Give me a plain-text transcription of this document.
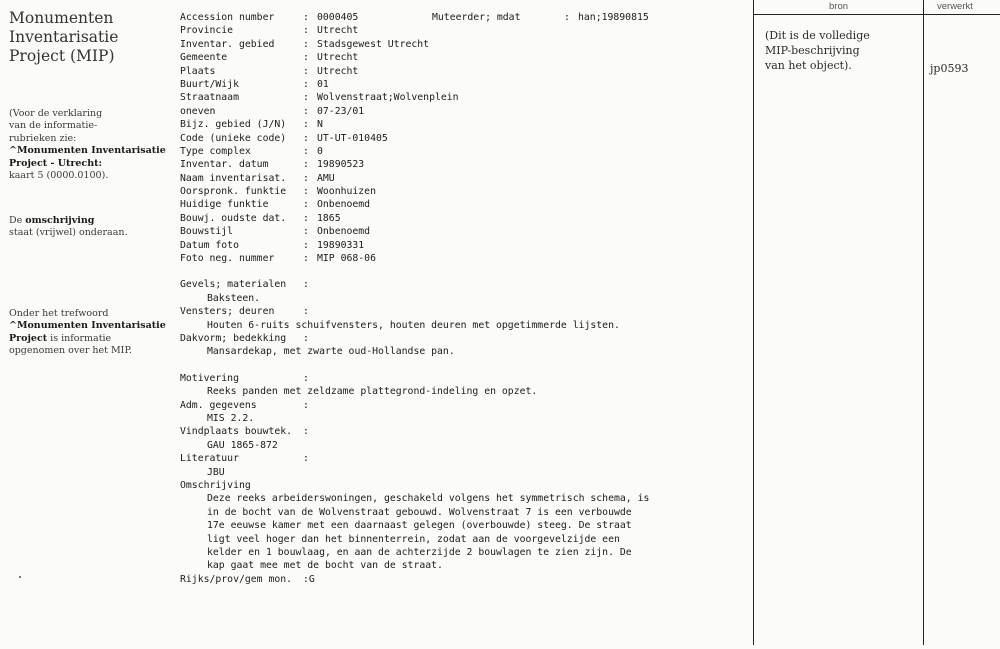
Monumenten
Inventarisatie
Project (MIP)
(Voor de verklaring
van de informatie-
rubrieken zie:
^Monumenten Inventarisatie
Project - Utrecht:
kaart 5 (0000.0100).
De omschrijving
staat (vrijwel) onderaan.
Onder het trefwoord
^Monumenten Inventarisatie
Project is informatie
opgenomen over het MIP.
Accession number	: 0000405	Muteerder; mdat	: han;19890815
Provincie	: Utrecht
Inventar. gebied	: Stadsgewest Utrecht
Gemeente	: Utrecht
Plaats	: Utrecht
Buurt/Wijk	: 01
Straatnaam	: Wolvenstraat;Wolvenplein
oneven	: 07-23/01
Bijz. gebied (J/N)	: N
Code (unieke code)	: UT-UT-010405
Type complex	: 0
Inventar. datum	: 19890523
Naam inventarisat.	: AMU
Oorspronk. funktie	: Woonhuizen
Huidige funktie	: Onbenoemd
Bouwj. oudste dat.	: 1865
Bouwstijl	: Onbenoemd
Datum foto	: 19890331
Foto neg. nummer	: MIP 068-06
Gevels; materialen :
Baksteen.
Vensters; deuren	:
Houten 6-ruits schuifvensters, houten deuren met opgetimmerde lijsten.
Dakvorm; bedekking :
Mansardekap, met zwarte oud-Hollandse pan.
Motivering	:
Reeks panden met zeldzame plattegrond-indeling en opzet.
Adm. gegevens	:
MIS 2.2.
Vindplaats bouwtek. :
GAU 1865-872
Literatuur	:
JBU
Omschrijving
Deze reeks arbeiderswoningen, geschakeld volgens het symmetrisch schema, is
in de bocht van de Wolvenstraat gebouwd. Wolvenstraat 7 is een verbouwde
17e eeuwse kamer met een daarnaast gelegen (overbouwde) steeg. De straat
ligt veel hoger dan het binnenterrein, zodat aan de voorgevelzijde een
kelder en 1 bouwlaag, en aan de achterzijde 2 bouwlagen te zien zijn. De
kap gaat mee met de bocht van de straat.
Rijks/prov/gem mon. :G
bron	verwerkt
(Dit is de volledige
MIP-beschrijving
van het object).	jp0593
